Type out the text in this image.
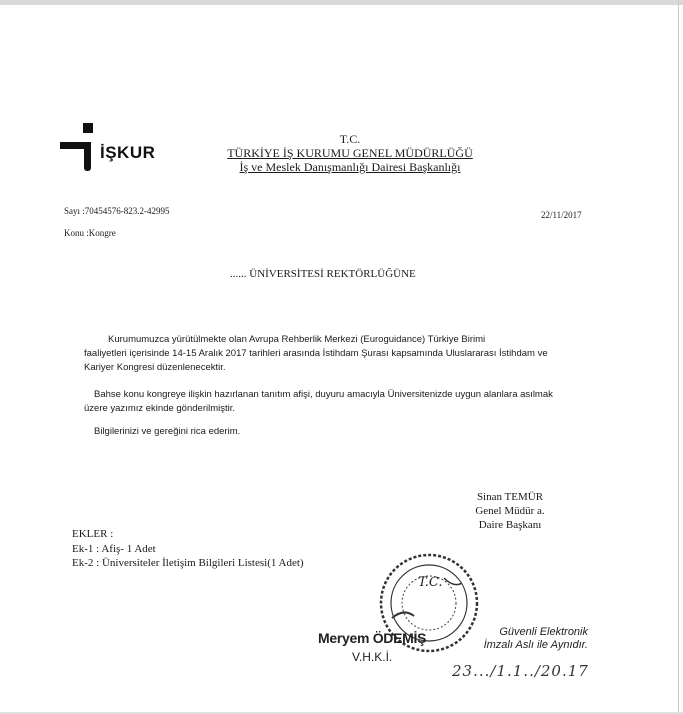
İŞKUR
T.C.
TÜRKİYE İŞ KURUMU GENEL MÜDÜRLÜĞÜ
İş ve Meslek Danışmanlığı Dairesi Başkanlığı
Sayı :70454576-823.2-42995
Konu :Kongre
22/11/2017
...... ÜNİVERSİTESİ REKTÖRLÜĞÜNE
Kurumumuzca yürütülmekte olan Avrupa Rehberlik Merkezi (Euroguidance) Türkiye Birimi
faaliyetleri içerisinde 14-15 Aralık 2017 tarihleri arasında İstihdam Şurası kapsamında Uluslararası İstihdam ve
Kariyer Kongresi düzenlenecektir.
Bahse konu kongreye ilişkin hazırlanan tanıtım afişi, duyuru amacıyla Üniversitenizde uygun alanlara asılmak
üzere yazımız ekinde gönderilmiştir.
Bilgilerinizi ve gereğini rica ederim.
Sinan TEMÜR
Genel Müdür a.
Daire Başkanı
EKLER :
Ek-1 : Afiş- 1 Adet
Ek-2 : Üniversiteler İletişim Bilgileri Listesi(1 Adet)
T.C.
Meryem ÖDEMİŞ
V.H.K.İ.
Güvenli Elektronik
İmzalı Aslı ile Aynıdır.
23.../1.1../20.17
